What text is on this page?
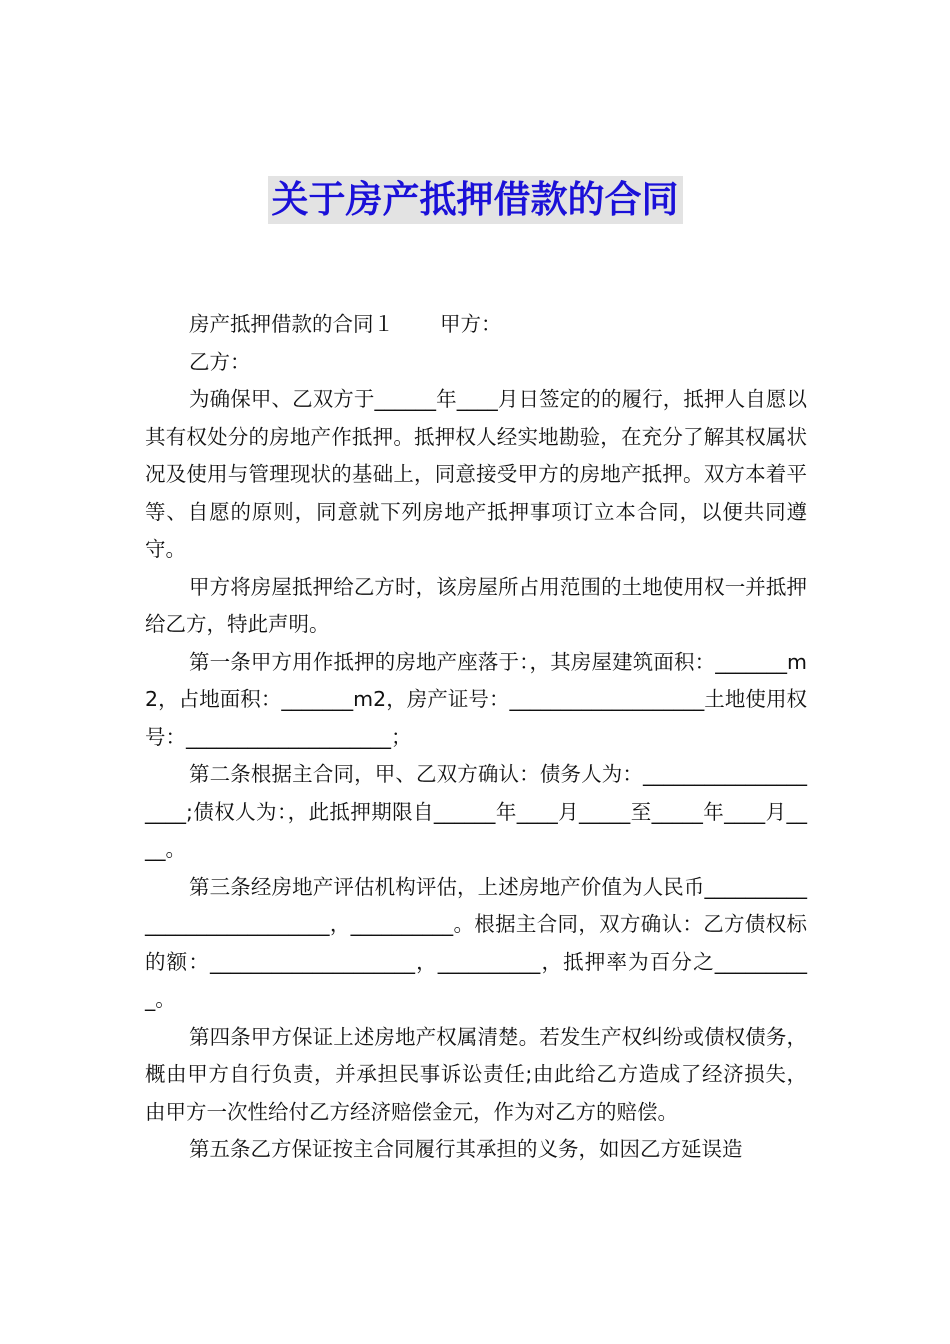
关于房产抵押借款的合同

房产抵押借款的合同１ 甲方：

乙方：

为确保甲、乙双方于______年____月日签定的的履行，抵押人自愿以其有权处分的房地产作抵押。抵押权人经实地勘验，在充分了解其权属状况及使用与管理现状的基础上，同意接受甲方的房地产抵押。双方本着平等、自愿的原则，同意就下列房地产抵押事项订立本合同，以便共同遵守。

甲方将房屋抵押给乙方时，该房屋所占用范围的土地使用权一并抵押给乙方，特此声明。

第一条甲方用作抵押的房地产座落于：，其房屋建筑面积：_______m2，占地面积：_______m2，房产证号：___________________土地使用权号：____________________；

第二条根据主合同，甲、乙双方确认：债务人为：____________________;债权人为：，此抵押期限自______年____月_____至_____年____月____。

第三条经房地产评估机构评估，上述房地产价值为人民币____________________________，__________。根据主合同，双方确认：乙方债权标的额：____________________，__________，抵押率为百分之__________。

第四条甲方保证上述房地产权属清楚。若发生产权纠纷或债权债务，概由甲方自行负责，并承担民事诉讼责任;由此给乙方造成了经济损失，由甲方一次性给付乙方经济赔偿金元，作为对乙方的赔偿。

第五条乙方保证按主合同履行其承担的义务，如因乙方延误造
